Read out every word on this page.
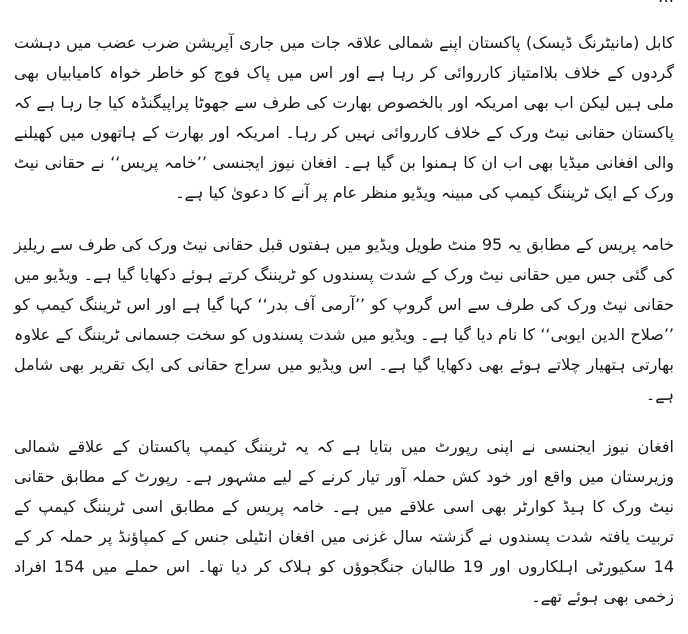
کابل (مانیٹرنگ ڈیسک) پاکستان اپنے شمالی علاقہ جات میں جاری آپریشن ضرب عضب میں دہشت گردوں کے خلاف بلاامتیاز کارروائی کر رہا ہے اور اس میں پاک فوج کو خاطر خواہ کامیابیاں بھی ملی ہیں لیکن اب بھی امریکہ اور بالخصوص بھارت کی طرف سے جھوٹا پراپیگنڈہ کیا جا رہا ہے کہ پاکستان حقانی نیٹ ورک کے خلاف کارروائی نہیں کر رہا۔ امریکہ اور بھارت کے ہاتھوں میں کھیلنے والی افغانی میڈیا بھی اب ان کا ہمنوا بن گیا ہے۔ افغان نیوز ایجنسی ’’خامہ پریس‘‘ نے حقانی نیٹ ورک کے ایک ٹریننگ کیمپ کی مبینہ ویڈیو منظر عام پر آنے کا دعویٰ کیا ہے۔

خامہ پریس کے مطابق یہ 95 منٹ طویل ویڈیو میں ہفتوں قبل حقانی نیٹ ورک کی طرف سے ریلیز کی گئی جس میں حقانی نیٹ ورک کے شدت پسندوں کو ٹریننگ کرتے ہوئے دکھایا گیا ہے۔ ویڈیو میں حقانی نیٹ ورک کی طرف سے اس گروپ کو ’’آرمی آف بدر‘‘ کہا گیا ہے اور اس ٹریننگ کیمپ کو ’’صلاح الدین ایوبی‘‘ کا نام دیا گیا ہے۔ ویڈیو میں شدت پسندوں کو سخت جسمانی ٹریننگ کے علاوہ بھارتی ہتھیار چلاتے ہوئے بھی دکھایا گیا ہے۔ اس ویڈیو میں سراج حقانی کی ایک تقریر بھی شامل ہے۔

افغان نیوز ایجنسی نے اپنی رپورٹ میں بتایا ہے کہ یہ ٹریننگ کیمپ پاکستان کے علاقے شمالی وزیرستان میں واقع اور خود کش حملہ آور تیار کرنے کے لیے مشہور ہے۔ رپورٹ کے مطابق حقانی نیٹ ورک کا ہیڈ کوارٹر بھی اسی علاقے میں ہے۔ خامہ پریس کے مطابق اسی ٹریننگ کیمپ کے تربیت یافتہ شدت پسندوں نے گزشتہ سال غزنی میں افغان انٹیلی جنس کے کمپاؤنڈ پر حملہ کر کے 14 سکیورٹی اہلکاروں اور 19 طالبان جنگجوؤں کو ہلاک کر دیا تھا۔ اس حملے میں 154 افراد زخمی بھی ہوئے تھے۔
